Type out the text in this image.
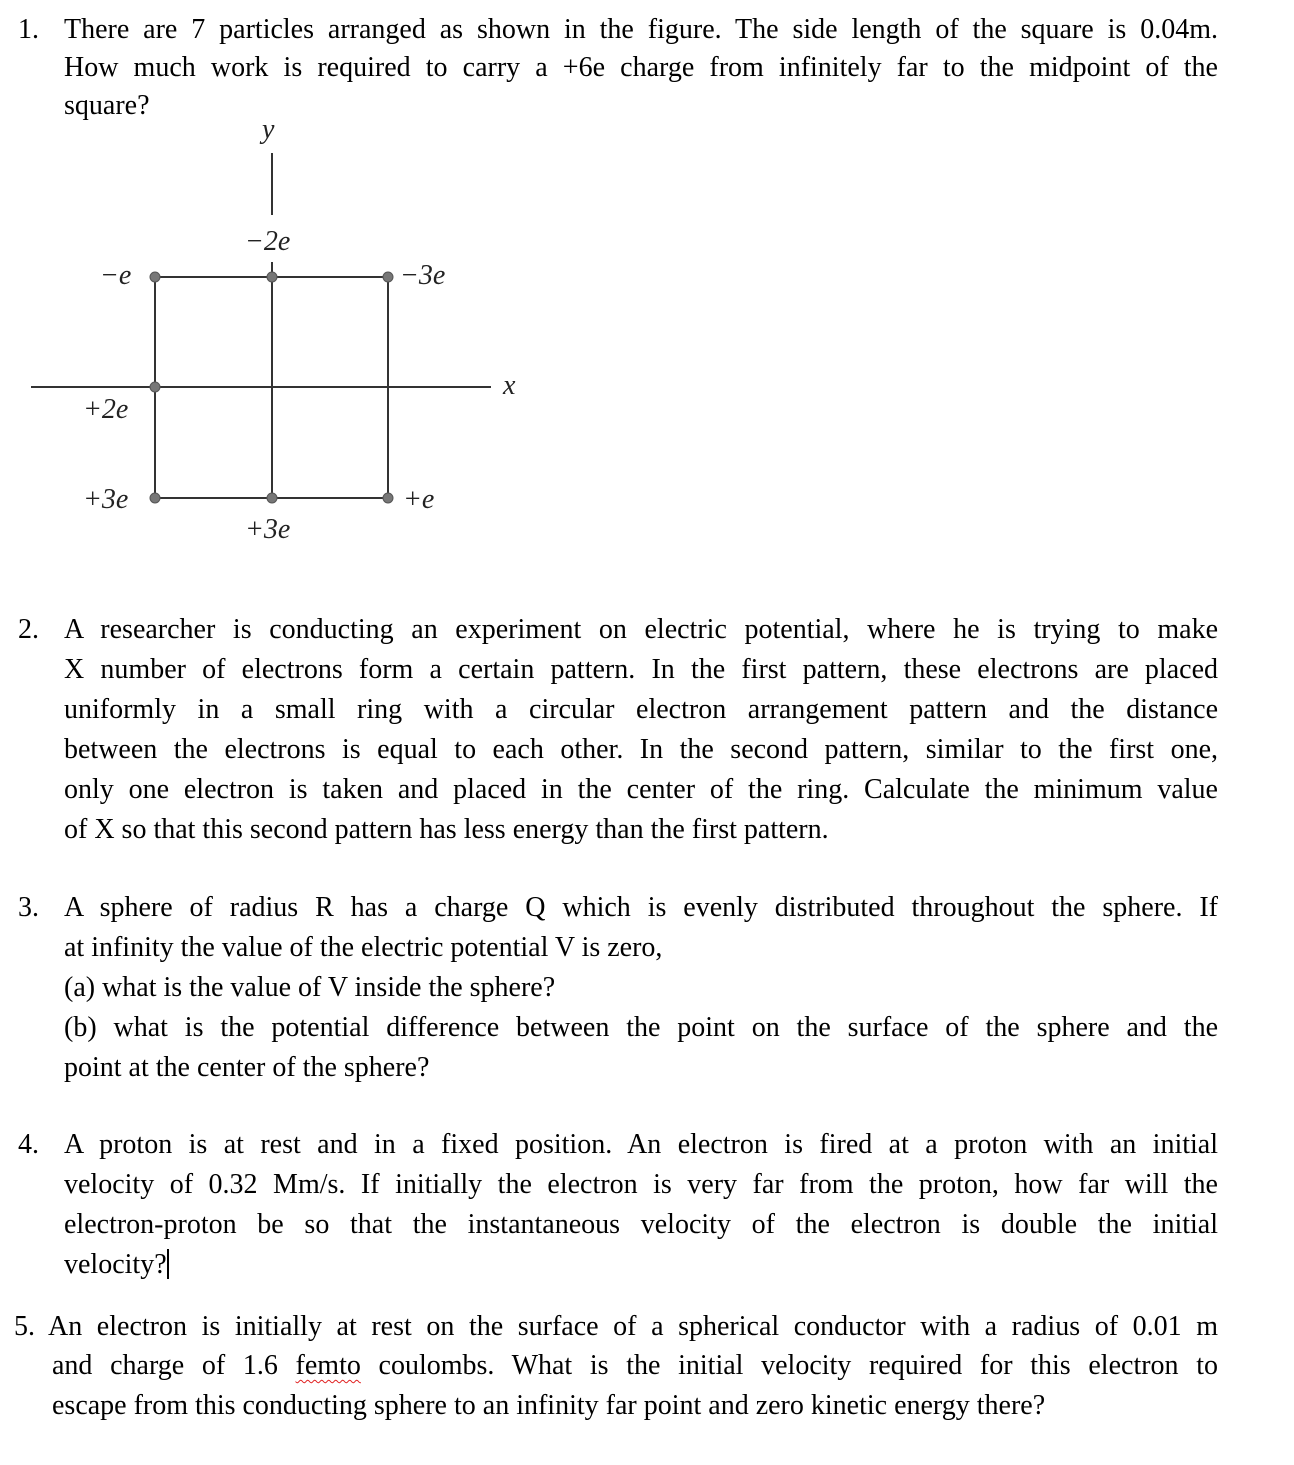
1. There are 7 particles arranged as shown in the figure. The side length of the square is 0.04m.
How much work is required to carry a +6e charge from infinitely far to the midpoint of the
square?
y
x
−2e
−e	−3e
+2e
+3e
+3e
+e
2. A researcher is conducting an experiment on electric potential, where he is trying to make
X number of electrons form a certain pattern. In the first pattern, these electrons are placed
uniformly in a small ring with a circular electron arrangement pattern and the distance
between the electrons is equal to each other. In the second pattern, similar to the first one,
only one electron is taken and placed in the center of the ring. Calculate the minimum value
of X so that this second pattern has less energy than the first pattern.
3. A sphere of radius R has a charge Q which is evenly distributed throughout the sphere. If
at infinity the value of the electric potential V is zero,
(a) what is the value of V inside the sphere?
(b) what is the potential difference between the point on the surface of the sphere and the
point at the center of the sphere?
4. A proton is at rest and in a fixed position. An electron is fired at a proton with an initial
velocity of 0.32 Mm/s. If initially the electron is very far from the proton, how far will the
electron-proton be so that the instantaneous velocity of the electron is double the initial
velocity?
5. An electron is initially at rest on the surface of a spherical conductor with a radius of 0.01 m
and charge of 1.6 femto coulombs. What is the initial velocity required for this electron to
escape from this conducting sphere to an infinity far point and zero kinetic energy there?
